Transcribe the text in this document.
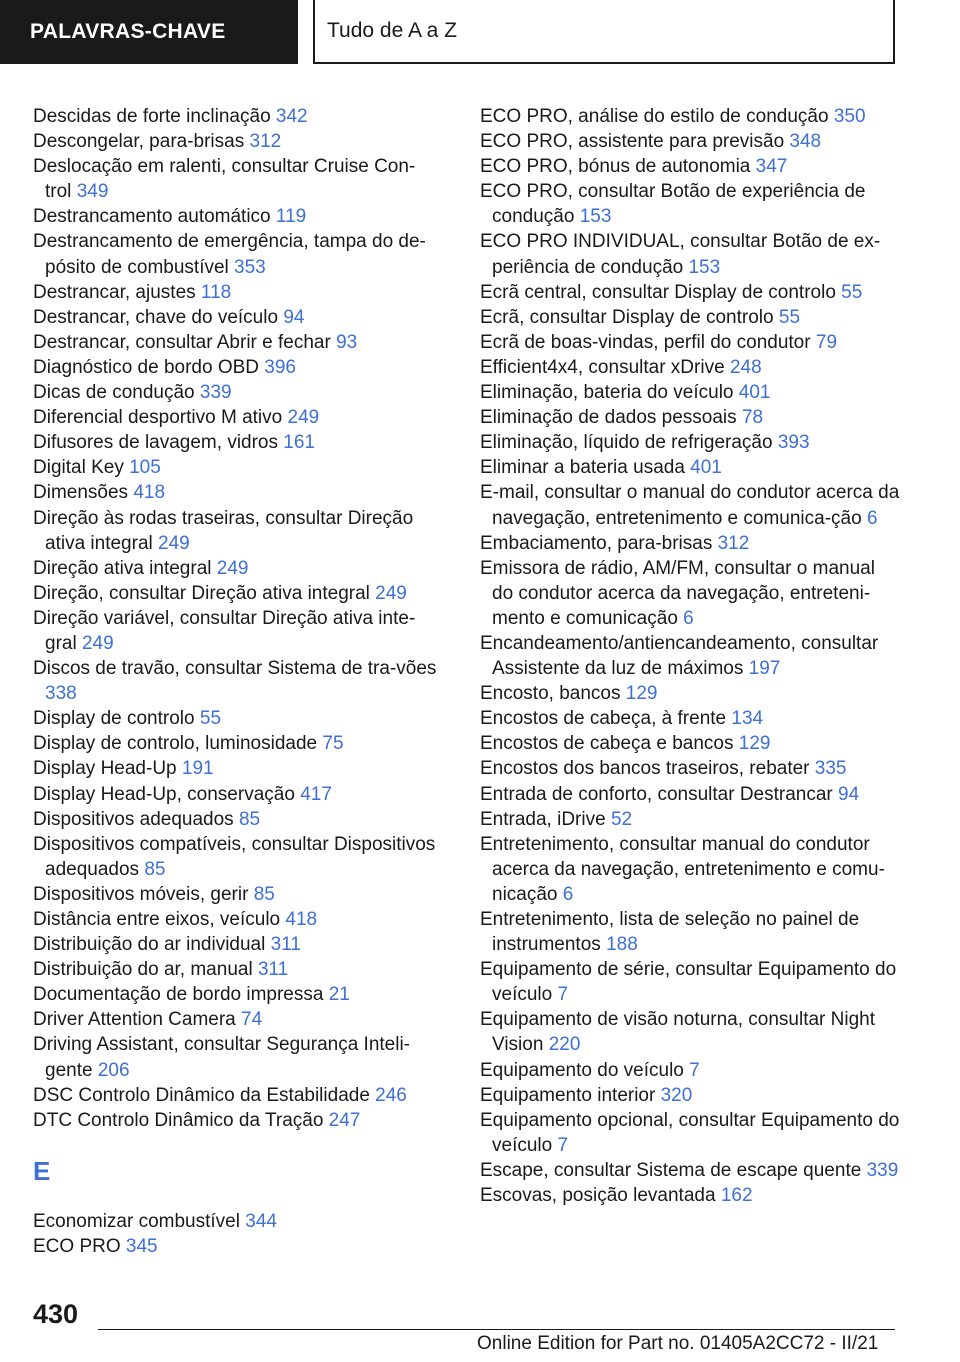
PALAVRAS-CHAVE	Tudo de A a Z

Descidas de forte inclinação 342

Descongelar, para-brisas 312

Deslocação em ralenti, consultar Cruise Con-trol 349

Destrancamento automático 119

Destrancamento de emergência, tampa do de-pósito de combustível 353

Destrancar, ajustes 118

Destrancar, chave do veículo 94

Destrancar, consultar Abrir e fechar 93

Diagnóstico de bordo OBD 396

Dicas de condução 339

Diferencial desportivo M ativo 249

Difusores de lavagem, vidros 161

Digital Key 105

Dimensões 418

Direção às rodas traseiras, consultar Direção ativa integral 249

Direção ativa integral 249

Direção, consultar Direção ativa integral 249

Direção variável, consultar Direção ativa inte-gral 249

Discos de travão, consultar Sistema de tra-vões 338

Display de controlo 55

Display de controlo, luminosidade 75

Display Head-Up 191

Display Head-Up, conservação 417

Dispositivos adequados 85

Dispositivos compatíveis, consultar Dispositivos adequados 85

Dispositivos móveis, gerir 85

Distância entre eixos, veículo 418

Distribuição do ar individual 311

Distribuição do ar, manual 311

Documentação de bordo impressa 21

Driver Attention Camera 74

Driving Assistant, consultar Segurança Inteli-gente 206

DSC Controlo Dinâmico da Estabilidade 246

DTC Controlo Dinâmico da Tração 247

E

Economizar combustível 344

ECO PRO 345

ECO PRO, análise do estilo de condução 350

ECO PRO, assistente para previsão 348

ECO PRO, bónus de autonomia 347

ECO PRO, consultar Botão de experiência de condução 153

ECO PRO INDIVIDUAL, consultar Botão de ex-periência de condução 153

Ecrã central, consultar Display de controlo 55

Ecrã, consultar Display de controlo 55

Ecrã de boas-vindas, perfil do condutor 79

Efficient4x4, consultar xDrive 248

Eliminação, bateria do veículo 401

Eliminação de dados pessoais 78

Eliminação, líquido de refrigeração 393

Eliminar a bateria usada 401

E-mail, consultar o manual do condutor acerca da navegação, entretenimento e comunica-ção 6

Embaciamento, para-brisas 312

Emissora de rádio, AM/FM, consultar o manual do condutor acerca da navegação, entreteni-mento e comunicação 6

Encandeamento/antiencandeamento, consultar Assistente da luz de máximos 197

Encosto, bancos 129

Encostos de cabeça, à frente 134

Encostos de cabeça e bancos 129

Encostos dos bancos traseiros, rebater 335

Entrada de conforto, consultar Destrancar 94

Entrada, iDrive 52

Entretenimento, consultar manual do condutor acerca da navegação, entretenimento e comu-nicação 6

Entretenimento, lista de seleção no painel de instrumentos 188

Equipamento de série, consultar Equipamento do veículo 7

Equipamento de visão noturna, consultar Night Vision 220

Equipamento do veículo 7

Equipamento interior 320

Equipamento opcional, consultar Equipamento do veículo 7

Escape, consultar Sistema de escape quente 339

Escovas, posição levantada 162

430
Online Edition for Part no. 01405A2CC72 - II/21
